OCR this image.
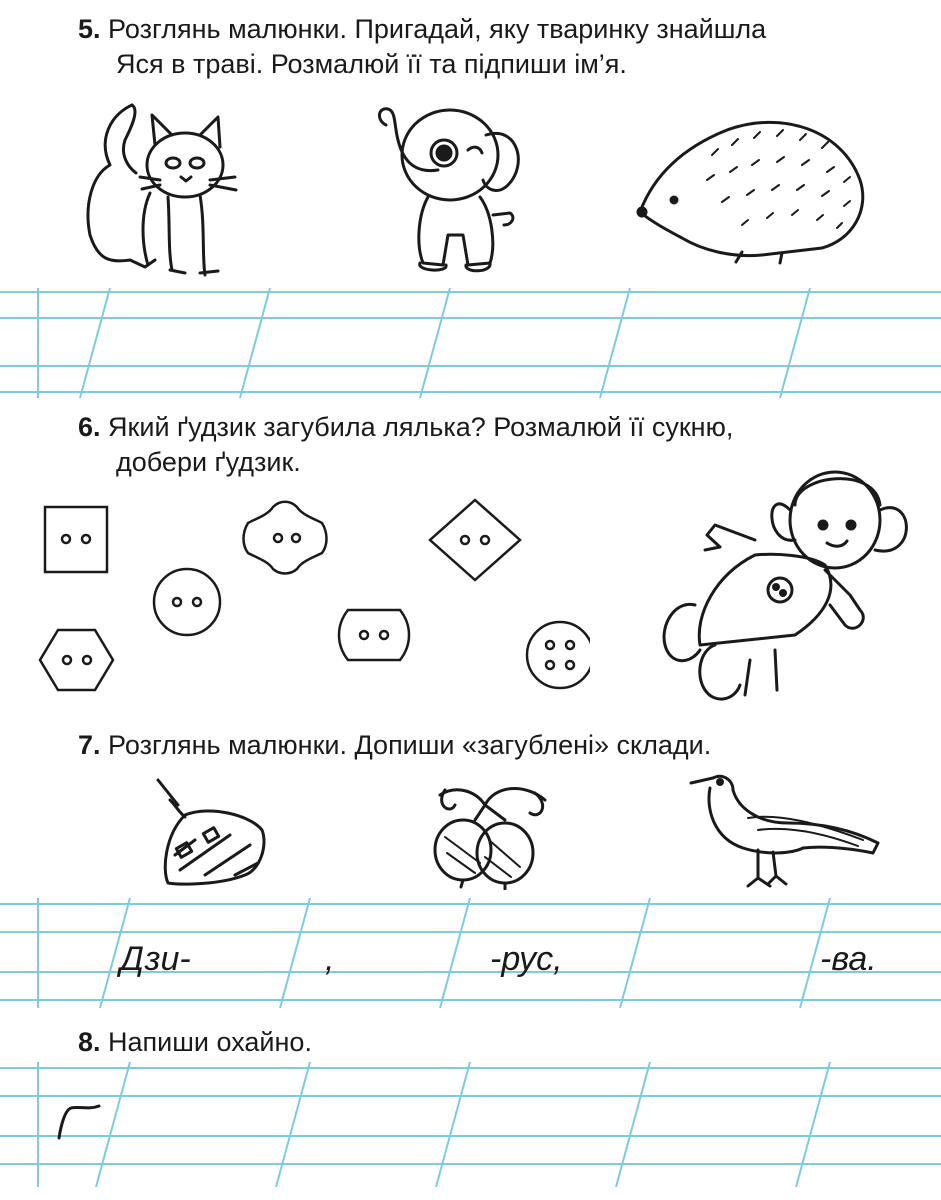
5. Розглянь малюнки. Пригадай, яку тваринку знайшла
Яся в траві. Розмалюй її та підпиши ім’я.
6. Який ґудзик загубила лялька? Розмалюй її сукню,
добери ґудзик.
7. Розглянь малюнки. Допиши «загублені» склади.
Дзи-	,	-рус,	-ва.
8. Напиши охайно.
